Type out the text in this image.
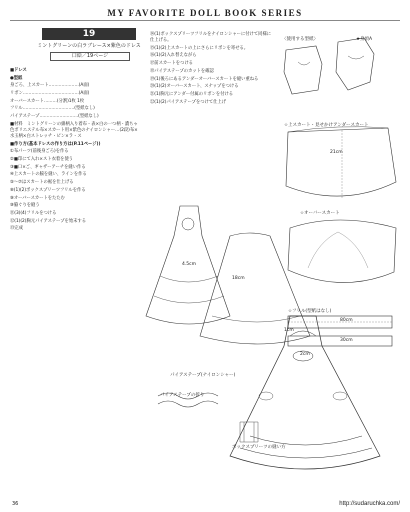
MY FAVORITE DOLL BOOK SERIES
19
ミントグリーンの白ラブレース×紫色のドレス
口絵／19ページ

■ドレス

●型紙

身ごろ、上スカート…………………(A面)

リボン…………………………………(A面)

オーバースカート………(分割)1枚 1枚

フリル………………………………(型紙なし)

パイアステープ………………………(型紙なし)

■材料　ミントグリーンの綿柄入り着布・表×白の一つ柄・濃ちゃ色ポリエステル布×スカート用×紫色のナイロンシャー…(2段)布×水玉柄×白ストレッチ・ピン×ラ・ス

■作り方(基本ドレスの作り方は(P.11ページ))

①布パーツ(前後身ごろ)を作る

②■印にて入れ×スト衣着を使う

③■口×ご、ギャザーアーチを縫い作る

④上スカートの脇を縫い、ラインを作る

⑤～⑦はスカートの裾を仕上げる

⑧(1)(2)ポックスプリーツフリルを作る

⑨オーバースカートをたたむ

⑩脇ぐりを縫う

⑪(3)(4)フリルをつける

⑫(1)(2)胸元パイアステープを始末する

⑬完成

⑭(1)ポックスプリーツフリルをナイロンシャーに付けて同様に仕上げる。

⑮(1)(2)上スカートの上にさらにリボンを寄せる。

⑯(1)(2)入れ替えながら

⑰前スカートをつける

⑱パイアステープのカットを確認

⑲(1)後ろにあるアンダーオーバースカートを縫い重ねる

⑳(1)(2)オーバースカート、スナップをつける

㉑(1)胸元にアンダー付属のリボンを付ける

㉒(1)(2)パイアステープをつけて仕上げ

〈使用する型紙〉	★身頃A
☆上スカート・見せかけアンダースカート
☆オーバースカート
☆フリル(型紙はなし)
パイアステープの折り
ボックスプリーツの縫い方
パイアステープ(ナイロンシャー)
4.5cm
18cm
21cm
1cm
80cm
30cm
2cm
36	http://sudaruchka.com/
